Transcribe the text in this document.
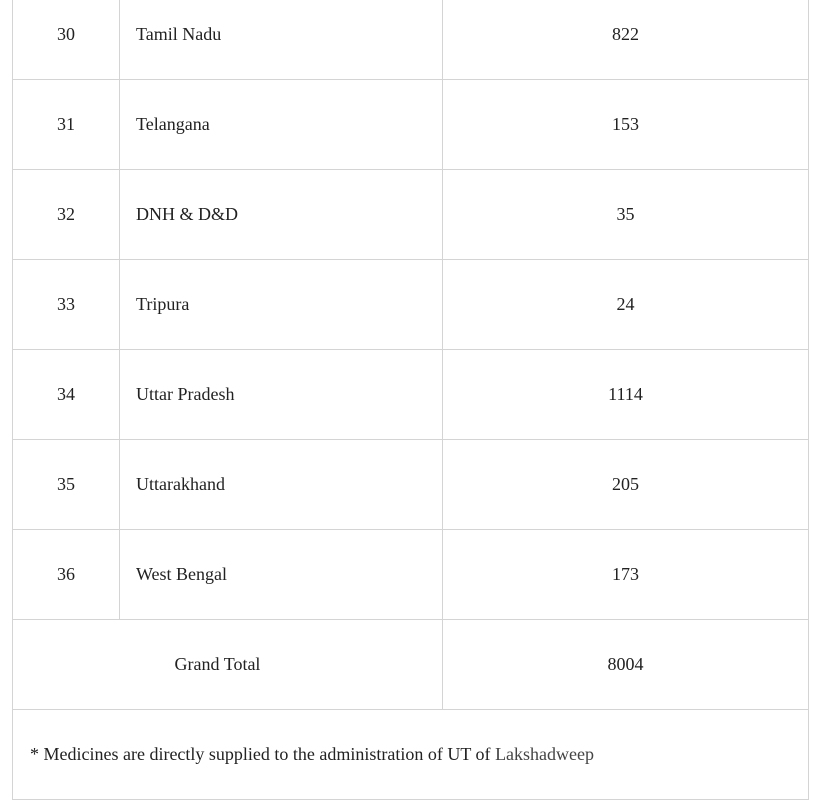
30	Tamil Nadu	822
31	Telangana	153
32	DNH & D&D	35
33	Tripura	24
34	Uttar Pradesh	1114
35	Uttarakhand	205
36	West Bengal	173
Grand Total		8004
* Medicines are directly supplied to the administration of UT of Lakshadweep		
